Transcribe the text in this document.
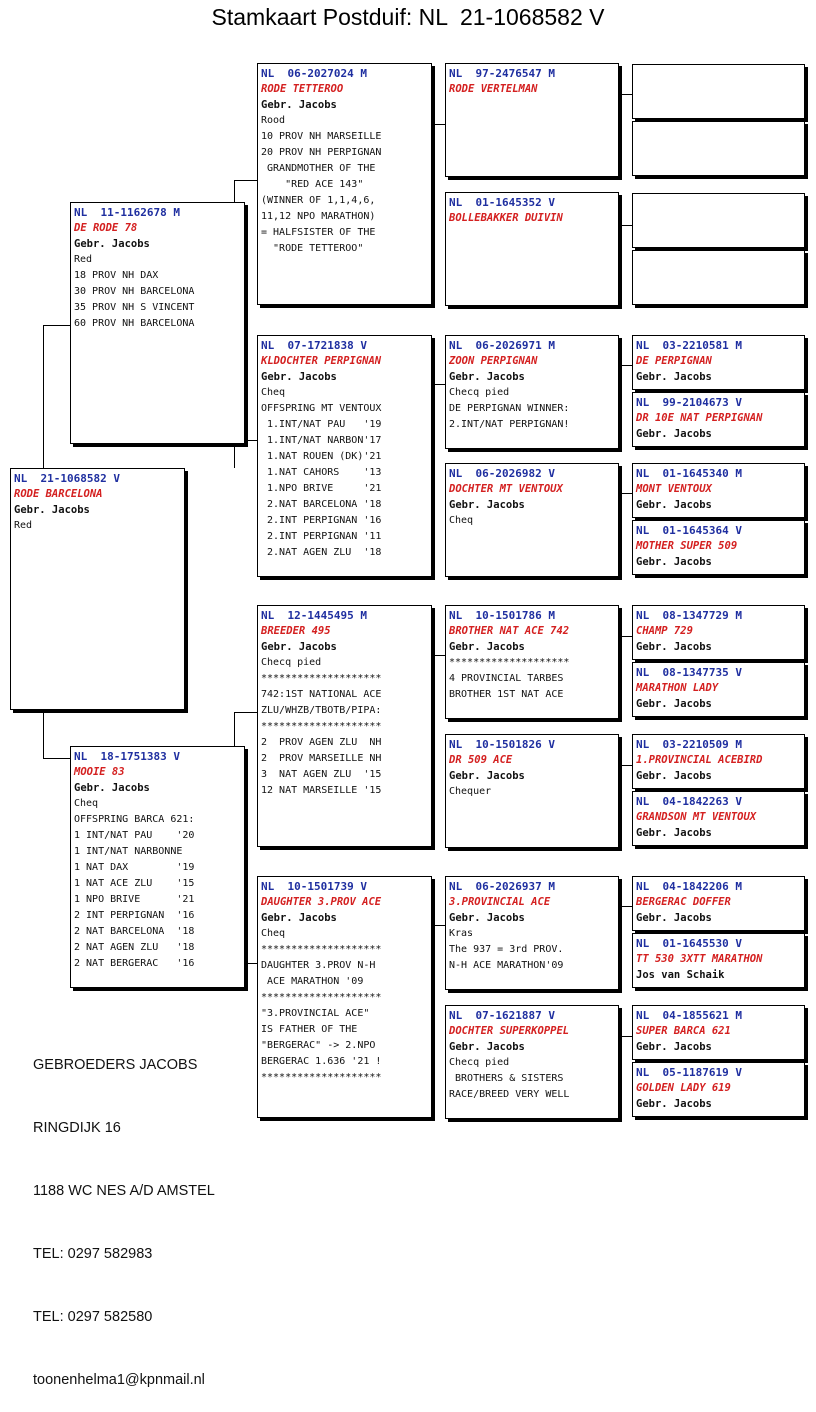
Stamkaart Postduif: NL  21-1068582 V
NL  21-1068582 V
RODE BARCELONA
Gebr. Jacobs
Red
NL  11-1162678 M
DE RODE 78
Gebr. Jacobs
Red
18 PROV NH DAX
30 PROV NH BARCELONA
35 PROV NH S VINCENT
60 PROV NH BARCELONA
NL  18-1751383 V
MOOIE 83
Gebr. Jacobs
Cheq
OFFSPRING BARCA 621:
1 INT/NAT PAU    '20
1 INT/NAT NARBONNE
1 NAT DAX        '19
1 NAT ACE ZLU    '15
1 NPO BRIVE      '21
2 INT PERPIGNAN  '16
2 NAT BARCELONA  '18
2 NAT AGEN ZLU   '18
2 NAT BERGERAC   '16
NL  06-2027024 M
RODE TETTEROO
Gebr. Jacobs
Rood
10 PROV NH MARSEILLE
20 PROV NH PERPIGNAN
GRANDMOTHER OF THE
"RED ACE 143"
(WINNER OF 1,1,4,6,
11,12 NPO MARATHON)
= HALFSISTER OF THE
"RODE TETTEROO"
NL  07-1721838 V
KLDOCHTER PERPIGNAN
Gebr. Jacobs
Cheq
OFFSPRING MT VENTOUX
1.INT/NAT PAU   '19
1.INT/NAT NARBON'17
1.NAT ROUEN (DK)'21
1.NAT CAHORS    '13
1.NPO BRIVE     '21
2.NAT BARCELONA '18
2.INT PERPIGNAN '16
2.INT PERPIGNAN '11
2.NAT AGEN ZLU  '18
NL  12-1445495 M
BREEDER 495
Gebr. Jacobs
Checq pied
********************
742:1ST NATIONAL ACE
ZLU/WHZB/TBOTB/PIPA:
********************
2  PROV AGEN ZLU  NH
2  PROV MARSEILLE NH
3  NAT AGEN ZLU  '15
12 NAT MARSEILLE '15
NL  10-1501739 V
DAUGHTER 3.PROV ACE
Gebr. Jacobs
Cheq
********************
DAUGHTER 3.PROV N-H
ACE MARATHON '09
********************
"3.PROVINCIAL ACE"
IS FATHER OF THE
"BERGERAC" -> 2.NPO
BERGERAC 1.636 '21 !
********************
NL  97-2476547 M
RODE VERTELMAN
NL  01-1645352 V
BOLLEBAKKER DUIVIN
NL  06-2026971 M
ZOON PERPIGNAN
Gebr. Jacobs
Checq pied
DE PERPIGNAN WINNER:
2.INT/NAT PERPIGNAN!
NL  06-2026982 V
DOCHTER MT VENTOUX
Gebr. Jacobs
Cheq
NL  10-1501786 M
BROTHER NAT ACE 742
Gebr. Jacobs
********************
4 PROVINCIAL TARBES
BROTHER 1ST NAT ACE
NL  10-1501826 V
DR 509 ACE
Gebr. Jacobs
Chequer
NL  06-2026937 M
3.PROVINCIAL ACE
Gebr. Jacobs
Kras
The 937 = 3rd PROV.
N-H ACE MARATHON'09
NL  07-1621887 V
DOCHTER SUPERKOPPEL
Gebr. Jacobs
Checq pied
BROTHERS & SISTERS
RACE/BREED VERY WELL
NL  03-2210581 M
DE PERPIGNAN
Gebr. Jacobs
NL  99-2104673 V
DR 10E NAT PERPIGNAN
Gebr. Jacobs
NL  01-1645340 M
MONT VENTOUX
Gebr. Jacobs
NL  01-1645364 V
MOTHER SUPER 509
Gebr. Jacobs
NL  08-1347729 M
CHAMP 729
Gebr. Jacobs
NL  08-1347735 V
MARATHON LADY
Gebr. Jacobs
NL  03-2210509 M
1.PROVINCIAL ACEBIRD
Gebr. Jacobs
NL  04-1842263 V
GRANDSON MT VENTOUX
Gebr. Jacobs
NL  04-1842206 M
BERGERAC DOFFER
Gebr. Jacobs
NL  01-1645530 V
TT 530 3XTT MARATHON
Jos van Schaik
NL  04-1855621 M
SUPER BARCA 621
Gebr. Jacobs
NL  05-1187619 V
GOLDEN LADY 619
Gebr. Jacobs

GEBROEDERS JACOBS

RINGDIJK 16

1188 WC NES A/D AMSTEL

TEL: 0297 582983

TEL: 0297 582580

toonenhelma1@kpnmail.nl
